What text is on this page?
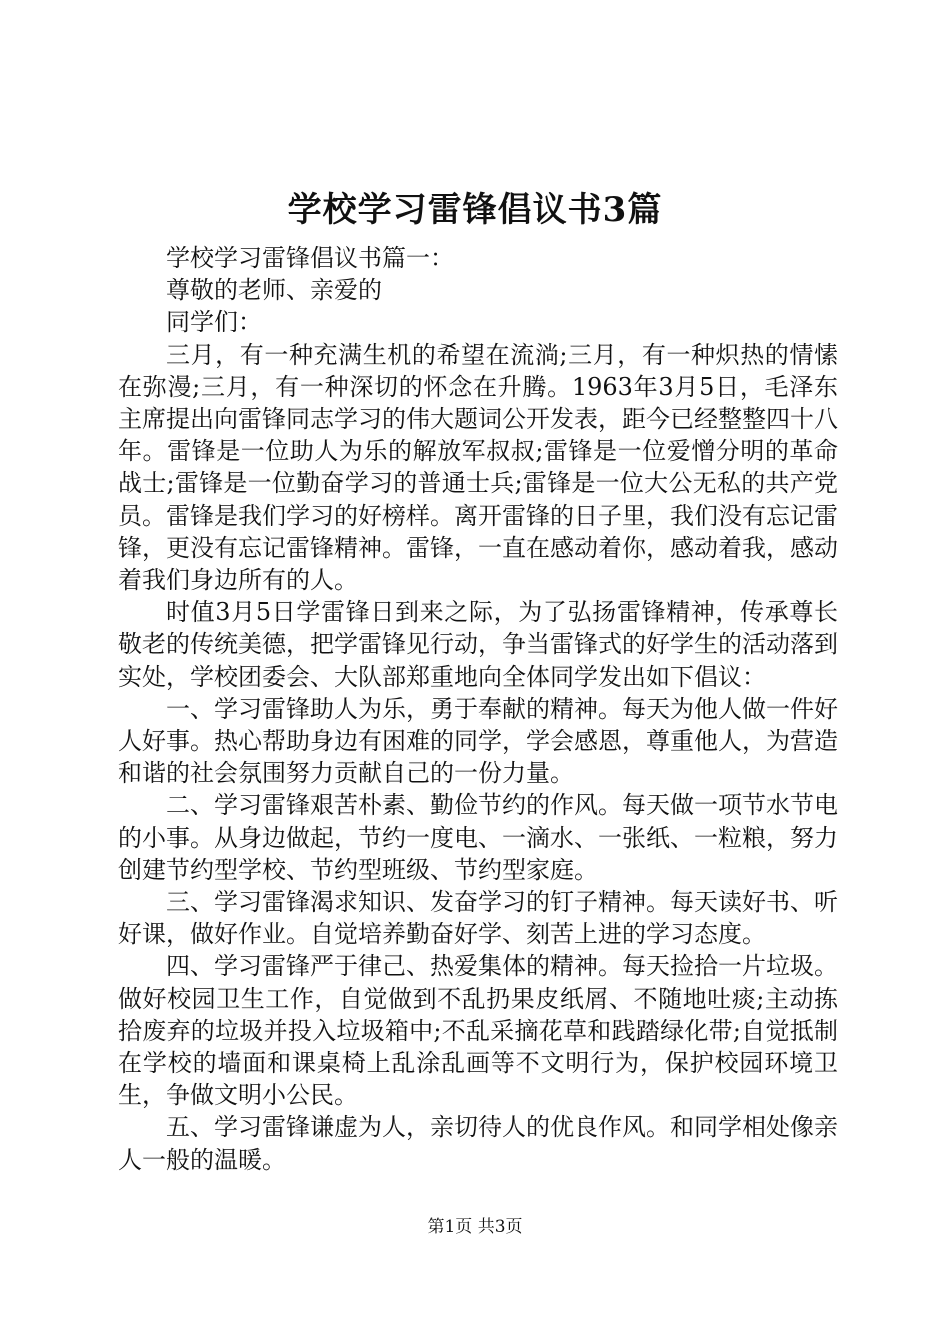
学校学习雷锋倡议书3篇

学校学习雷锋倡议书篇一：

尊敬的老师、亲爱的

同学们：

三月，有一种充满生机的希望在流淌;三月，有一种炽热的情愫在弥漫;三月，有一种深切的怀念在升腾。1963年3月5日，毛泽东主席提出向雷锋同志学习的伟大题词公开发表，距今已经整整四十八年。雷锋是一位助人为乐的解放军叔叔;雷锋是一位爱憎分明的革命战士;雷锋是一位勤奋学习的普通士兵;雷锋是一位大公无私的共产党员。雷锋是我们学习的好榜样。离开雷锋的日子里，我们没有忘记雷锋，更没有忘记雷锋精神。雷锋，一直在感动着你，感动着我，感动着我们身边所有的人。

时值3月5日学雷锋日到来之际，为了弘扬雷锋精神，传承尊长敬老的传统美德，把学雷锋见行动，争当雷锋式的好学生的活动落到实处，学校团委会、大队部郑重地向全体同学发出如下倡议：

一、学习雷锋助人为乐，勇于奉献的精神。每天为他人做一件好人好事。热心帮助身边有困难的同学，学会感恩，尊重他人，为营造和谐的社会氛围努力贡献自己的一份力量。

二、学习雷锋艰苦朴素、勤俭节约的作风。每天做一项节水节电的小事。从身边做起，节约一度电、一滴水、一张纸、一粒粮，努力创建节约型学校、节约型班级、节约型家庭。

三、学习雷锋渴求知识、发奋学习的钉子精神。每天读好书、听好课，做好作业。自觉培养勤奋好学、刻苦上进的学习态度。

四、学习雷锋严于律己、热爱集体的精神。每天捡拾一片垃圾。做好校园卫生工作，自觉做到不乱扔果皮纸屑、不随地吐痰;主动拣拾废弃的垃圾并投入垃圾箱中;不乱采摘花草和践踏绿化带;自觉抵制在学校的墙面和课桌椅上乱涂乱画等不文明行为，保护校园环境卫生，争做文明小公民。

五、学习雷锋谦虚为人，亲切待人的优良作风。和同学相处像亲人一般的温暖。

第1页 共3页
